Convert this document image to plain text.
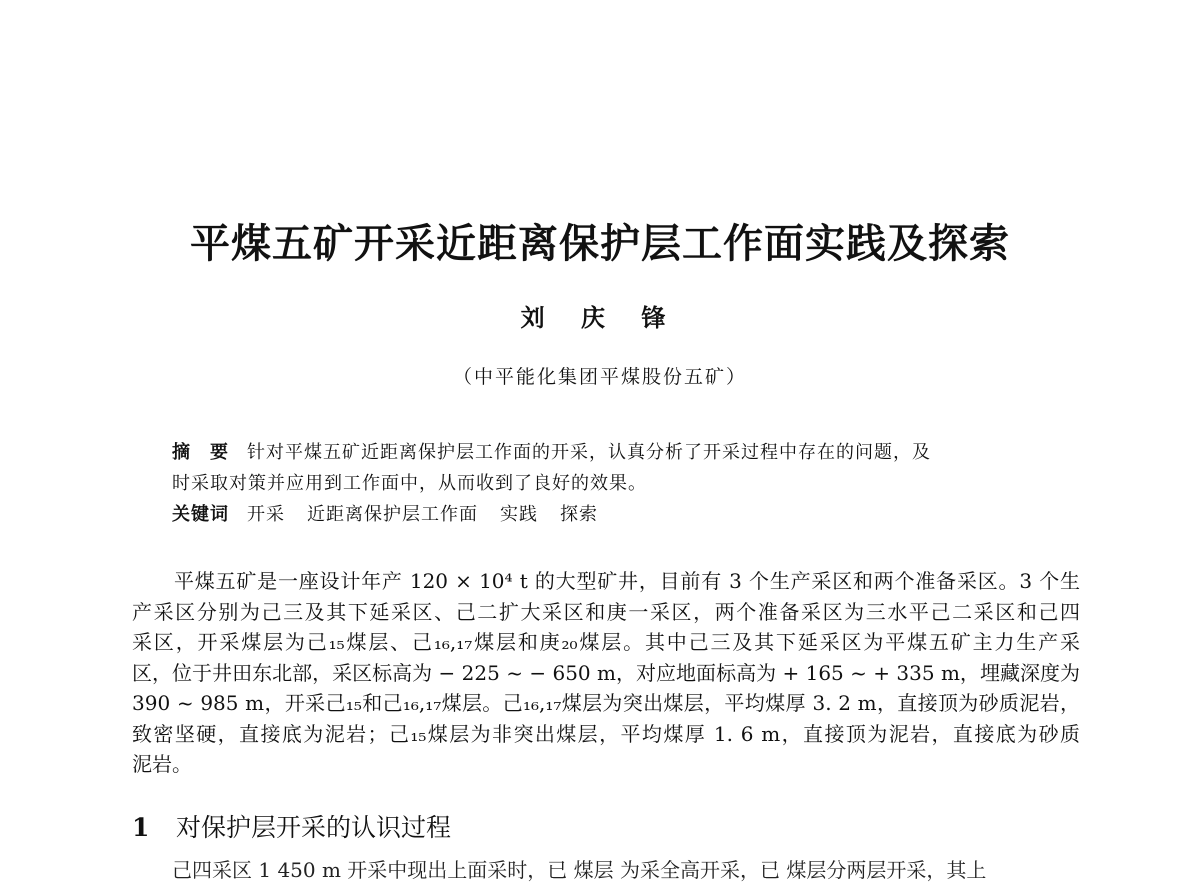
平煤五矿开采近距离保护层工作面实践及探索
刘 庆 锋
（中平能化集团平煤股份五矿）
摘　要 针对平煤五矿近距离保护层工作面的开采，认真分析了开采过程中存在的问题，及
时采取对策并应用到工作面中，从而收到了良好的效果。
关键词 开采 近距离保护层工作面 实践 探索
平煤五矿是一座设计年产 120 × 10⁴ t 的大型矿井，目前有 3 个生产采区和两个准备采区。3 个生
产采区分别为己三及其下延采区、己二扩大采区和庚一采区，两个准备采区为三水平己二采区和己四
采区，开采煤层为己₁₅煤层、己₁₆,₁₇煤层和庚₂₀煤层。其中己三及其下延采区为平煤五矿主力生产采
区，位于井田东北部，采区标高为 − 225 ~ − 650 m，对应地面标高为 + 165 ~ + 335 m，埋藏深度为
390 ~ 985 m，开采己₁₅和己₁₆,₁₇煤层。己₁₆,₁₇煤层为突出煤层，平均煤厚 3. 2 m，直接顶为砂质泥岩，
致密坚硬，直接底为泥岩；己₁₅煤层为非突出煤层，平均煤厚 1. 6 m，直接顶为泥岩，直接底为砂质
泥岩。
1 对保护层开采的认识过程
己四采区 1 450 m 开采中现出上面采时，已 煤层 为采全高开采，已 煤层分两层开采，其上
